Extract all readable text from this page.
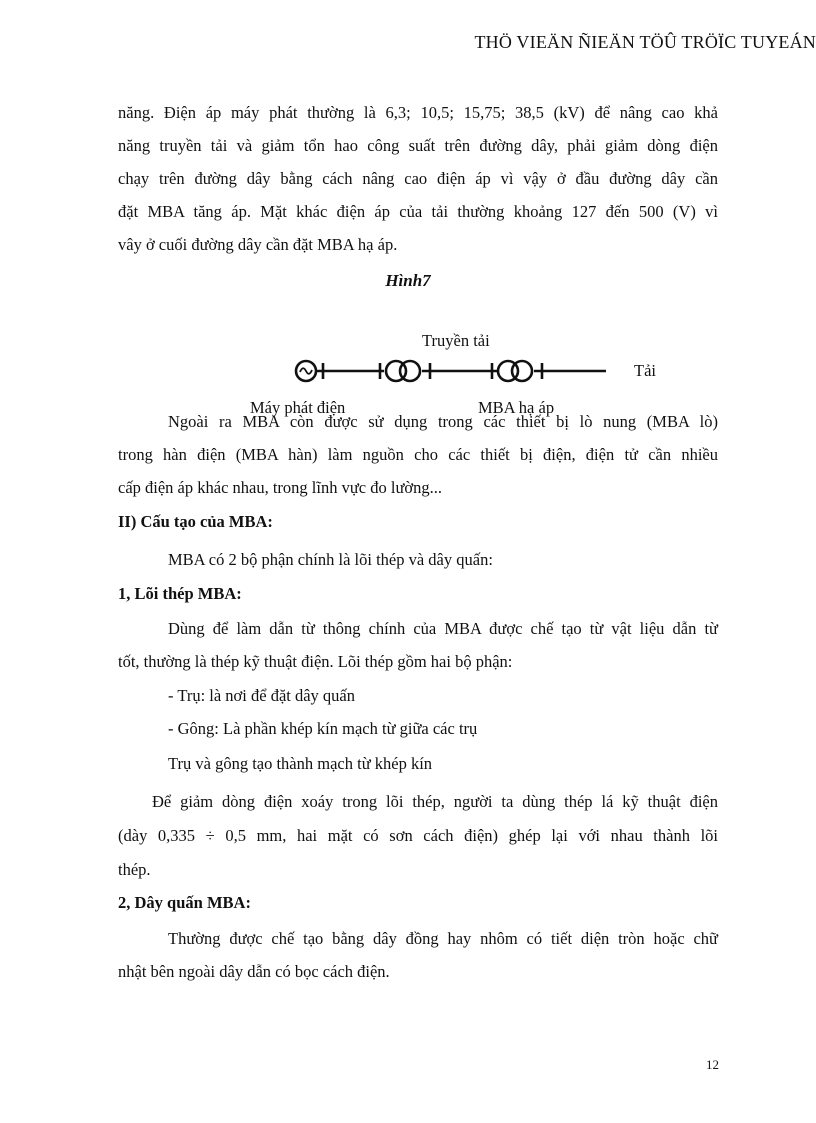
THÖ VIEÄN ÑIEÄN TÖÛ TRÖÏC TUYEÁN

năng. Điện áp máy phát thường là 6,3; 10,5; 15,75; 38,5 (kV) để nâng cao khả

năng truyền tải và giảm tổn hao công suất trên đường dây, phải giảm dòng điện

chạy trên đường dây bằng cách nâng cao điện áp vì vậy ở đầu đường dây cần

đặt MBA tăng áp. Mặt khác điện áp của tải thường khoảng 127 đến 500 (V) vì

vây ở cuối đường dây cần đặt MBA hạ áp.

Hình7
Truyền tải
Tải
Máy phát điện	MBA hạ áp

Ngoài ra MBA còn được sử dụng trong các thiết bị lò nung (MBA lò)

trong hàn điện (MBA hàn) làm nguồn cho các thiết bị điện, điện tử cần nhiều

cấp điện áp khác nhau, trong lĩnh vực đo lường...

II) Cấu tạo của MBA:
MBA có 2 bộ phận chính là lõi thép và dây quấn:
1, Lõi thép MBA:

Dùng để làm dẫn từ thông chính của MBA được chế tạo từ vật liệu dẫn từ

tốt, thường là thép kỹ thuật điện. Lõi thép gồm hai bộ phận:

- Trụ: là nơi để đặt dây quấn
- Gông: Là phần khép kín mạch từ giữa các trụ
Trụ và gông tạo thành mạch từ khép kín

Để giảm dòng điện xoáy trong lõi thép, người ta dùng thép lá kỹ thuật điện

(dày 0,335 ÷ 0,5 mm, hai mặt có sơn cách điện) ghép lại với nhau thành lõi

thép.

2, Dây quấn MBA:

Thường được chế tạo bằng dây đồng hay nhôm có tiết diện tròn hoặc chữ

nhật bên ngoài dây dẫn có bọc cách điện.

12
